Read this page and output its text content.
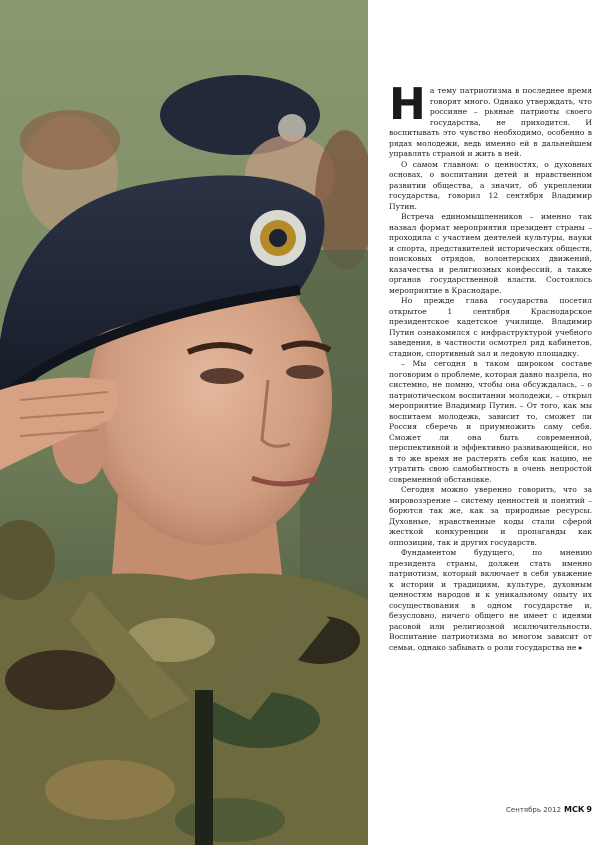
На тему патриотизма в последнее время говорят много. Однако утверждать, что россияне – рьяные патриоты своего государства, не приходится. И воспитывать это чувство необходимо, особенно в рядах молодежи, ведь именно ей в дальнейшем управлять страной и жить в ней.

О самом главном: о ценностях, о духовных основах, о воспитании детей и нравственном развитии общества, а значит, об укреплении государства, говорил 12 сентября Владимир Путин.

Встреча единомышленников – именно так назвал формат мероприятия президент страны – проходила с участием деятелей культуры, науки и спорта, представителей исторических обществ, поисковых отрядов, волонтерских движений, казачества и религиозных конфессий, а также органов государственной власти. Состоялось мероприятие в Краснодаре.

Но прежде глава государства посетил открытое 1 сентября Краснодарское президентское кадетское училище. Владимир Путин ознакомился с инфраструктурой учебного заведения, в частности осмотрел ряд кабинетов, стадион, спортивный зал и ледовую площадку.

– Мы сегодня в таком широком составе поговорим о проблеме, которая давно назрела, но системно, не помню, чтобы она обсуждалась, – о патриотическом воспитании молодежи, – открыл мероприятие Владимир Путин. – От того, как мы воспитаем молодежь, зависит то, сможет ли Россия сберечь и приумножить саму себя. Сможет ли она быть современной, перспективной и эффективно развивающейся, но в то же время не растерять себя как нацию, не утратить свою самобытность в очень непростой современной обстановке.

Сегодня можно уверенно говорить, что за мировоззрение – систему ценностей и понятий – борются так же, как за природные ресурсы. Духовные, нравственные коды стали сферой жесткой конкуренции и пропаганды как оппозиции, так и других государств.

Фундаментом будущего, по мнению президента страны, должен стать именно патриотизм, который включает в себя уважение к истории и традициям, культуре, духовным ценностям народов и к уникальному опыту их сосуществования в одном государстве и, безусловно, ничего общего не имеет с идеями расовой или религиозной исключительности. Воспитание патриотизма во многом зависит от семьи, однако забывать о роли государства не ▸

Сентябрь 2012 МСК 9
